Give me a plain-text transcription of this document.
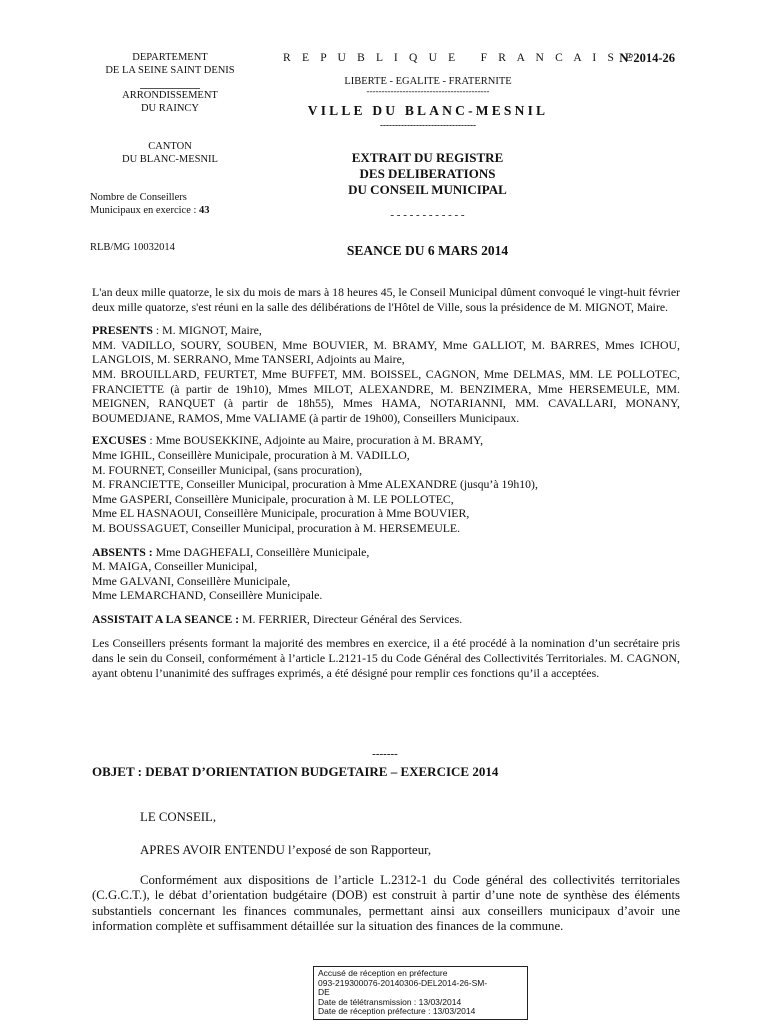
DEPARTEMENT
DE LA SEINE SAINT DENIS
ARRONDISSEMENT
DU RAINCY
CANTON
DU BLANC-MESNIL
Nombre de Conseillers
Municipaux en exercice : 43
RLB/MG 10032014
R E P U B L I Q U E   F R A N C A I S E
LIBERTE - EGALITE - FRATERNITE
-----------------------------------------
VILLE DU BLANC-MESNIL
--------------------------------
N°2014-26
EXTRAIT DU REGISTRE
DES DELIBERATIONS
DU CONSEIL MUNICIPAL
- - - - - - - - - - - -
SEANCE DU 6 MARS 2014

L'an deux mille quatorze, le six du mois de mars à 18 heures 45, le Conseil Municipal dûment convoqué le vingt-huit février deux mille quatorze, s'est réuni en la salle des délibérations de l'Hôtel de Ville, sous la présidence de M. MIGNOT, Maire.

PRESENTS : M. MIGNOT, Maire,
MM. VADILLO, SOURY, SOUBEN, Mme BOUVIER, M. BRAMY, Mme GALLIOT, M. BARRES, Mmes ICHOU, LANGLOIS, M. SERRANO, Mme TANSERI, Adjoints au Maire,
MM. BROUILLARD, FEURTET, Mme BUFFET, MM. BOISSEL, CAGNON, Mme DELMAS, MM. LE POLLOTEC, FRANCIETTE (à partir de 19h10), Mmes MILOT, ALEXANDRE, M. BENZIMERA, Mme HERSEMEULE, MM. MEIGNEN, RANQUET (à partir de 18h55), Mmes HAMA, NOTARIANNI, MM. CAVALLARI, MONANY, BOUMEDJANE, RAMOS, Mme VALIAME (à partir de 19h00), Conseillers Municipaux.

EXCUSES : Mme BOUSEKKINE, Adjointe au Maire, procuration à M. BRAMY,
Mme IGHIL, Conseillère Municipale, procuration à M. VADILLO,
M. FOURNET, Conseiller Municipal, (sans procuration),
M. FRANCIETTE, Conseiller Municipal, procuration à Mme ALEXANDRE (jusqu’à 19h10),
Mme GASPERI, Conseillère Municipale, procuration à M. LE POLLOTEC,
Mme EL HASNAOUI, Conseillère Municipale, procuration à Mme BOUVIER,
M. BOUSSAGUET, Conseiller Municipal, procuration à M. HERSEMEULE.
ABSENTS : Mme DAGHEFALI, Conseillère Municipale,
M. MAIGA, Conseiller Municipal,
Mme GALVANI, Conseillère Municipale,
Mme LEMARCHAND, Conseillère Municipale.

ASSISTAIT A LA SEANCE : M. FERRIER, Directeur Général des Services.

Les Conseillers présents formant la majorité des membres en exercice, il a été procédé à la nomination d’un secrétaire pris dans le sein du Conseil, conformément à l’article L.2121-15 du Code Général des Collectivités Territoriales. M. CAGNON, ayant obtenu l’unanimité des suffrages exprimés, a été désigné pour remplir ces fonctions qu’il a acceptées.

-------
OBJET : DEBAT D’ORIENTATION BUDGETAIRE – EXERCICE 2014
LE CONSEIL,
APRES AVOIR ENTENDU l’exposé de son Rapporteur,
Conformément aux dispositions de l’article L.2312-1 du Code général des collectivités territoriales (C.G.C.T.), le débat d’orientation budgétaire (DOB) est construit à partir d’une note de synthèse des éléments substantiels concernant les finances communales, permettant ainsi aux conseillers municipaux d’avoir une information complète et suffisamment détaillée sur la situation des finances de la commune.
Accusé de réception en préfecture
093-219300076-20140306-DEL2014-26-SM-
DE
Date de télétransmission : 13/03/2014
Date de réception préfecture : 13/03/2014
